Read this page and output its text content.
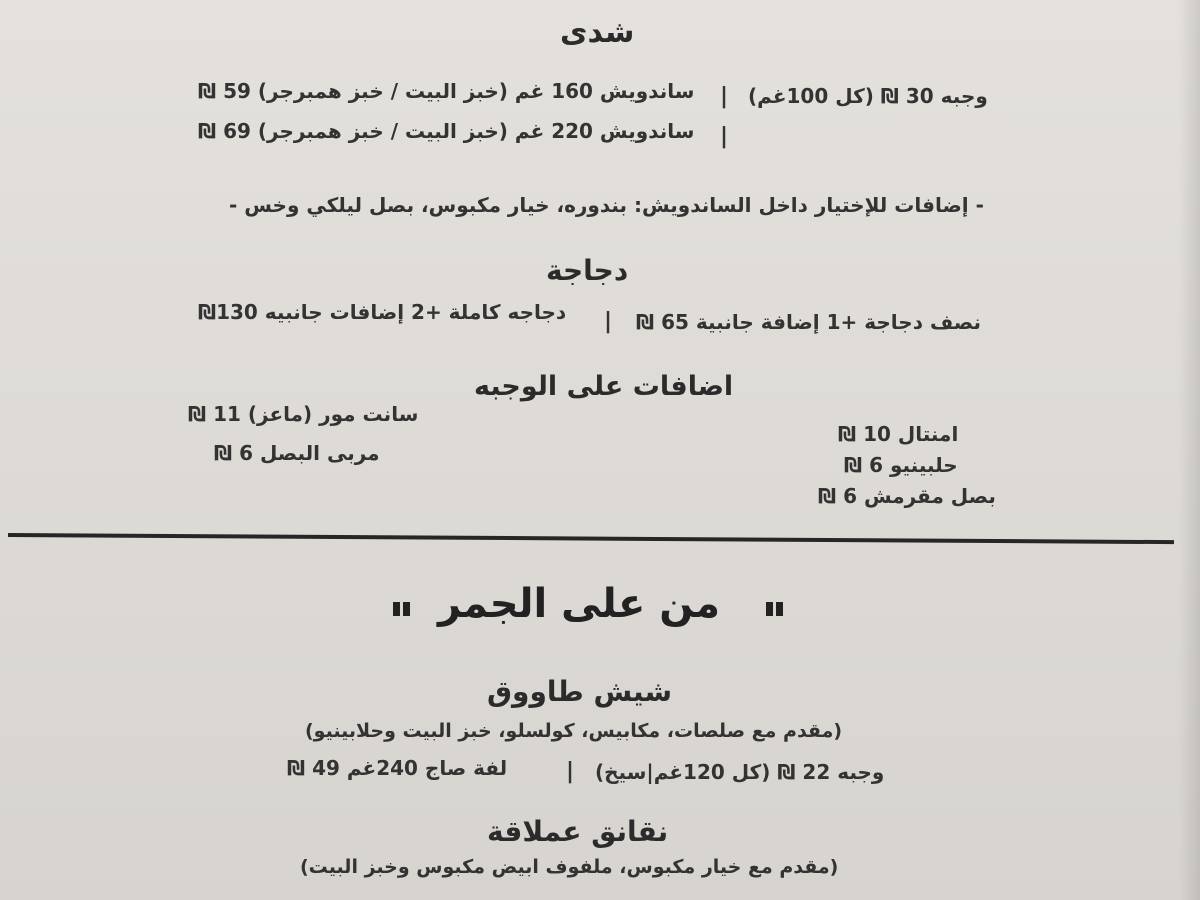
شدى
وجبه 30 ₪ (كل 100غم)
|
ساندويش 160 غم (خبز البيت / خبز همبرجر) 59 ₪
|
ساندويش 220 غم (خبز البيت / خبز همبرجر) 69 ₪
- إضافات للإختيار داخل الساندويش: بندوره، خيار مكبوس، بصل ليلكي وخس -
دجاجة
نصف دجاجة +1 إضافة جانبية 65 ₪
|
دجاجه كاملة +2 إضافات جانبيه 130₪
اضافات على الوجبه
سانت مور (ماعز) 11 ₪
مربى البصل 6 ₪
امنتال 10 ₪
حلبينيو 6 ₪
بصل مقرمش 6 ₪
من على الجمر
شيش طاووق
(مقدم مع صلصات، مكابيس، كولسلو، خبز البيت وحلابينيو)
وجبه 22 ₪ (كل 120غم|سيخ)
|
لفة صاج 240غم 49 ₪
نقانق عملاقة
(مقدم مع خيار مكبوس، ملفوف ابيض مكبوس وخبز البيت)
